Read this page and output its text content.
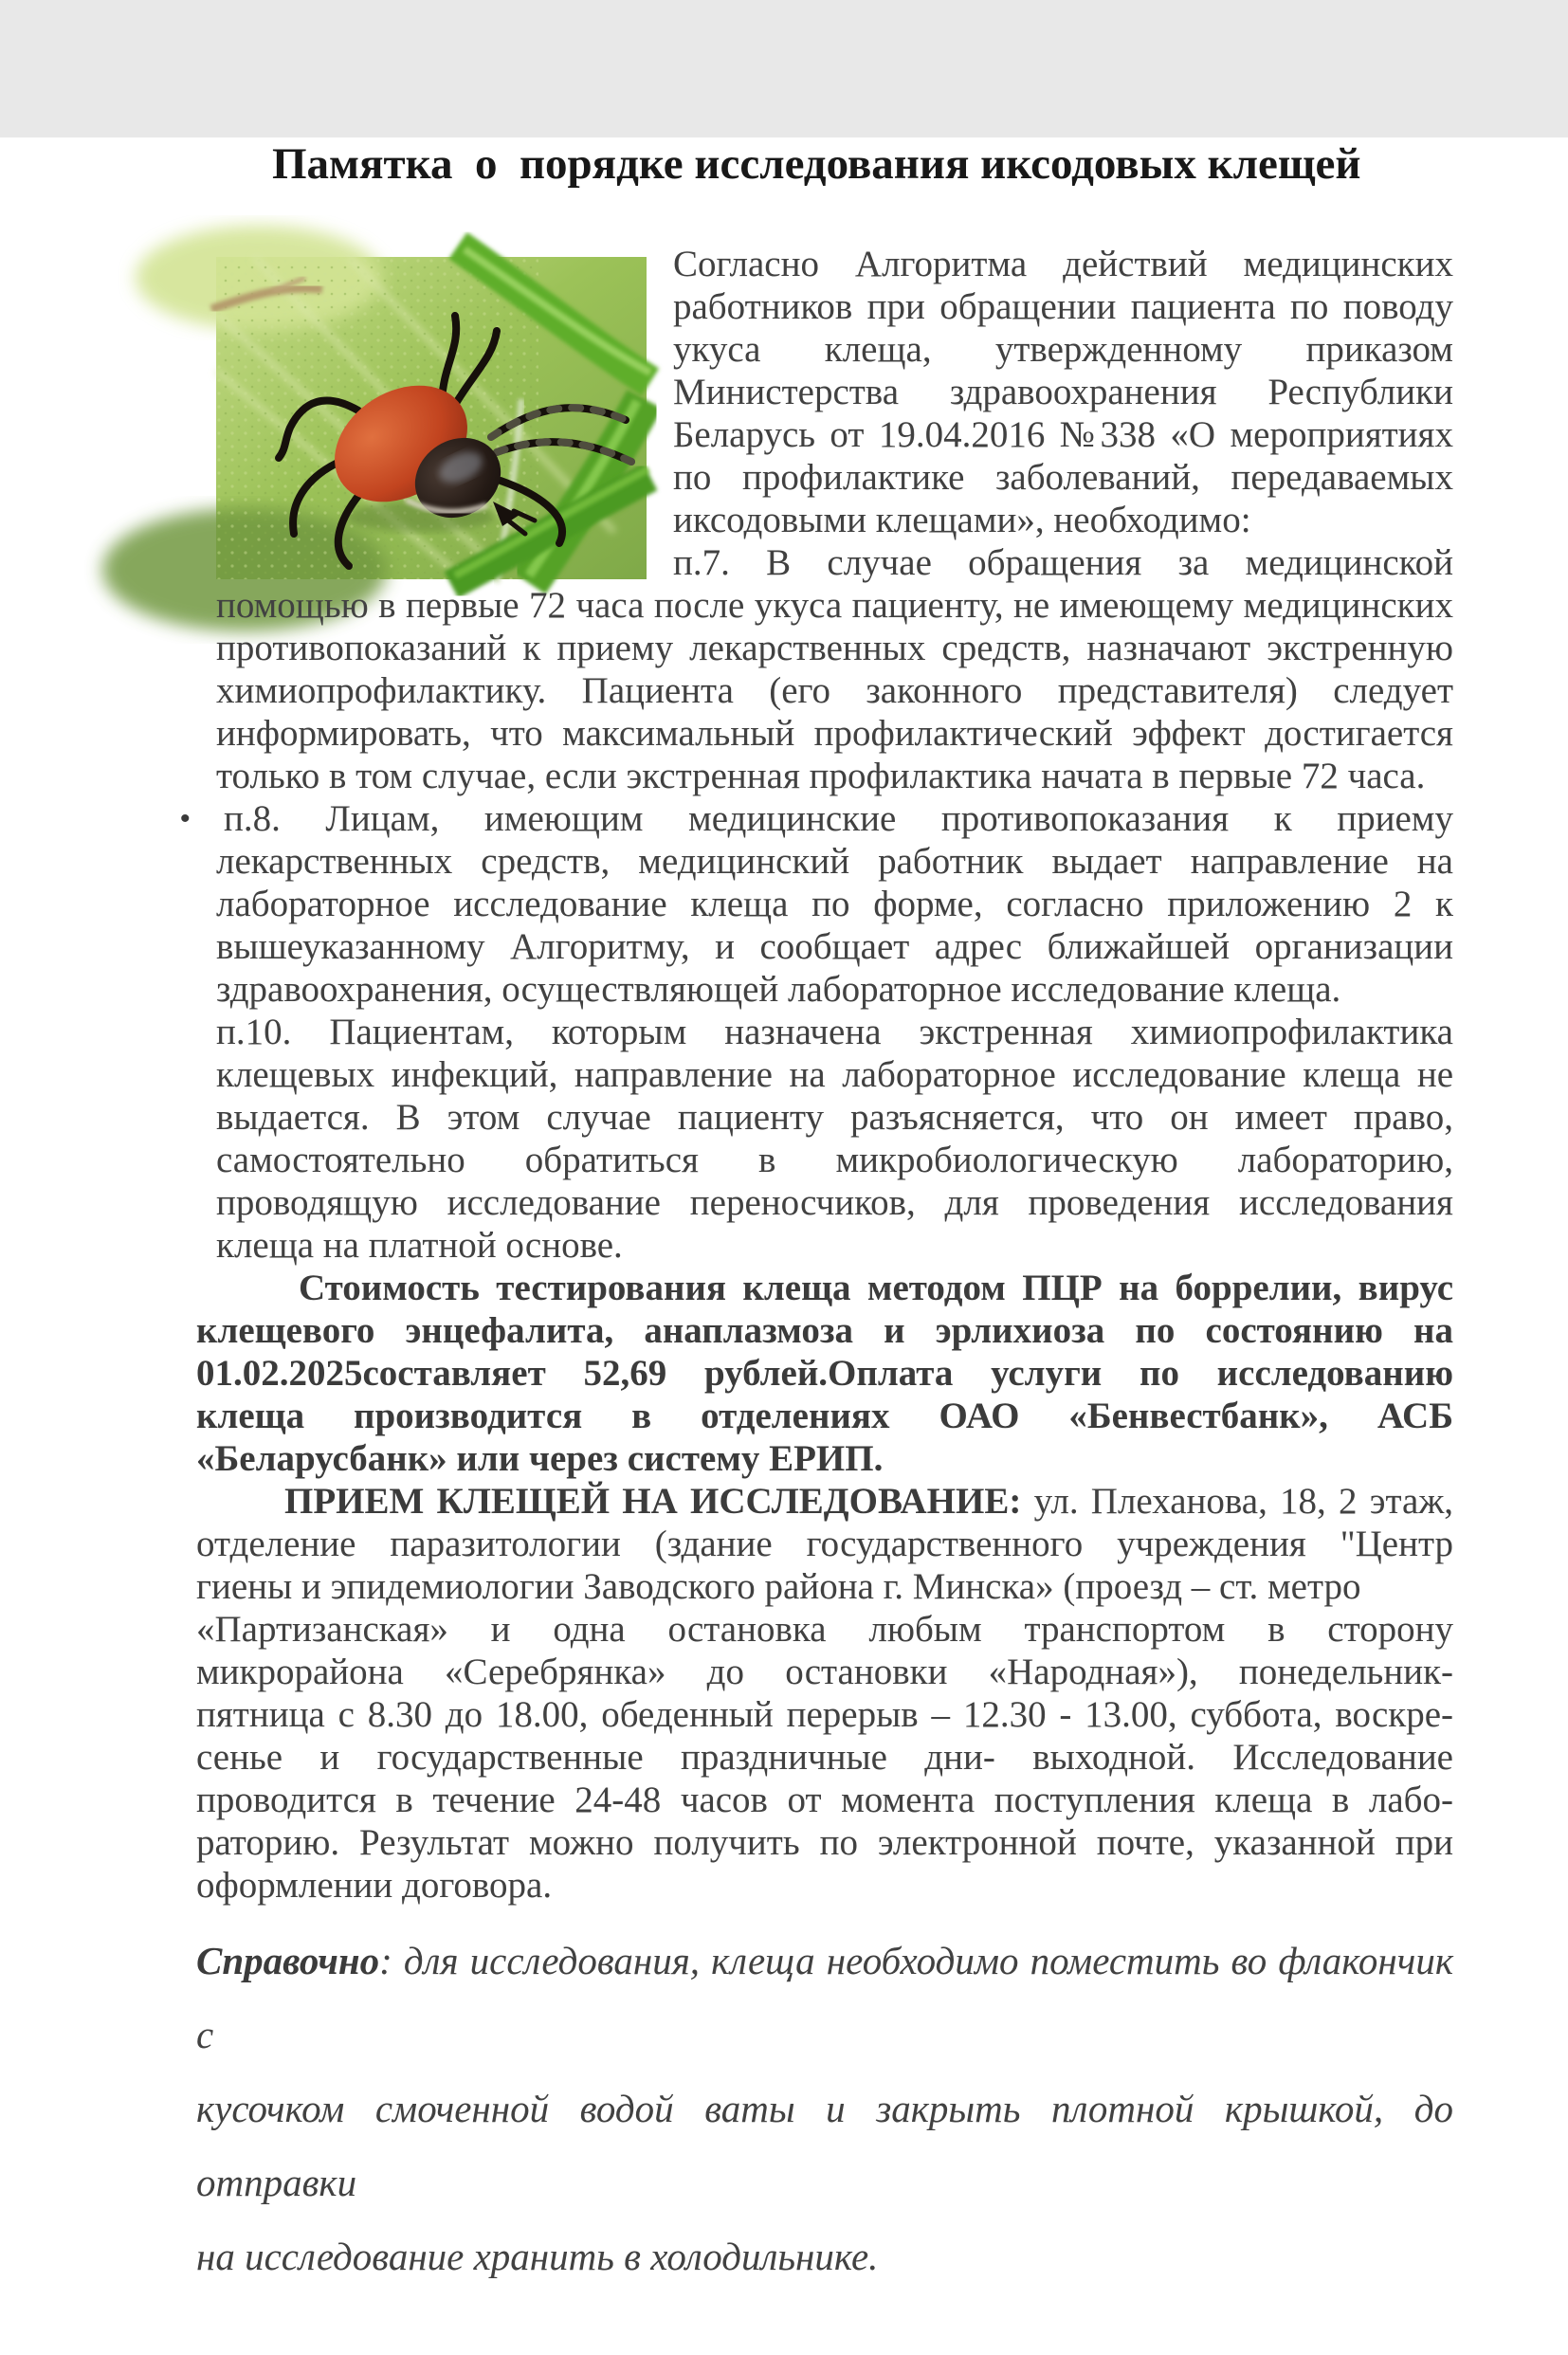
Памятка  о  порядке исследования иксодовых клещей
Согласно Алгоритма действий медицинских
работников при обращении пациента по поводу
укуса клеща, утвержденному приказом
Министерства здравоохранения Республики
Беларусь от 19.04.2016 №338 «О мероприятиях
по профилактике заболеваний, передаваемых
иксодовыми клещами», необходимо:
п.7. В случае обращения за медицинской
помощью в первые 72 часа после укуса пациенту, не имеющему медицинских
противопоказаний к приему лекарственных средств, назначают экстренную
химиопрофилактику. Пациента (его законного представителя) следует
информировать, что максимальный профилактический эффект достигается
только в том случае, если экстренная профилактика начата в первые 72 часа.
• п.8. Лицам, имеющим медицинские противопоказания к приему
лекарственных средств, медицинский работник выдает направление на
лабораторное исследование клеща по форме, согласно приложению 2 к
вышеуказанному Алгоритму, и сообщает адрес ближайшей организации
здравоохранения, осуществляющей лабораторное исследование клеща.
п.10. Пациентам, которым назначена экстренная химиопрофилактика
клещевых инфекций, направление на лабораторное исследование клеща не
выдается. В этом случае пациенту разъясняется, что он имеет право,
самостоятельно обратиться в микробиологическую лабораторию,
проводящую исследование переносчиков, для проведения исследования
клеща на платной основе.
Стоимость тестирования клеща методом ПЦР на боррелии, вирус
клещевого энцефалита, анаплазмоза и эрлихиоза по состоянию на
01.02.2025составляет 52,69 рублей.Оплата услуги по исследованию
клеща производится в отделениях ОАО «Бенвестбанк», АСБ
«Беларусбанк» или через систему ЕРИП.
ПРИЕМ КЛЕЩЕЙ НА ИССЛЕДОВАНИЕ: ул. Плеханова, 18, 2 этаж,
отделение паразитологии (здание государственного учреждения "Центр
гиены и эпидемиологии Заводского района г. Минска» (проезд – ст. метро
«Партизанская» и одна остановка любым транспортом в сторону
микрорайона «Серебрянка» до остановки «Народная»), понедельник-
пятница с 8.30 до 18.00, обеденный перерыв – 12.30 - 13.00, суббота, воскре-
сенье и государственные праздничные дни- выходной. Исследование
проводится в течение 24-48 часов от момента поступления клеща в лабо-
раторию. Результат можно получить по электронной почте, указанной при
оформлении договора.
Справочно: для исследования, клеща необходимо поместить во флакончик с
кусочком смоченной водой ваты и закрыть плотной крышкой, до отправки
на исследование хранить в холодильнике.
